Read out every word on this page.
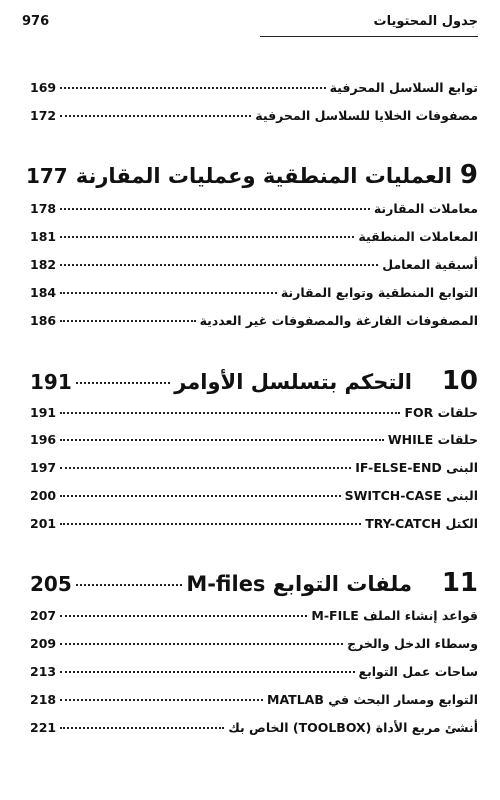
976	جدول المحتويات
توابع السلاسل المحرفية
169
مصفوفات الخلايا للسلاسل المحرفية
172
9
العمليات المنطقية وعمليات المقارنة
177
معاملات المقارنة
178
المعاملات المنطقية
181
أسبقية المعامل
182
التوابع المنطقية وتوابع المقارنة
184
المصفوفات الفارغة والمصفوفات غير العددية
186
10
التحكم بتسلسل الأوامر
191
حلقات FOR
191
حلقات WHILE
196
البنى IF-ELSE-END
197
البنى SWITCH-CASE
200
الكتل TRY-CATCH
201
11
ملفات التوابع M-files
205
قواعد إنشاء الملف M-FILE
207
وسطاء الدخل والخرج
209
ساحات عمل التوابع
213
التوابع ومسار البحث في MATLAB
218
أنشئ مربع الأداة (TOOLBOX) الخاص بك
221
